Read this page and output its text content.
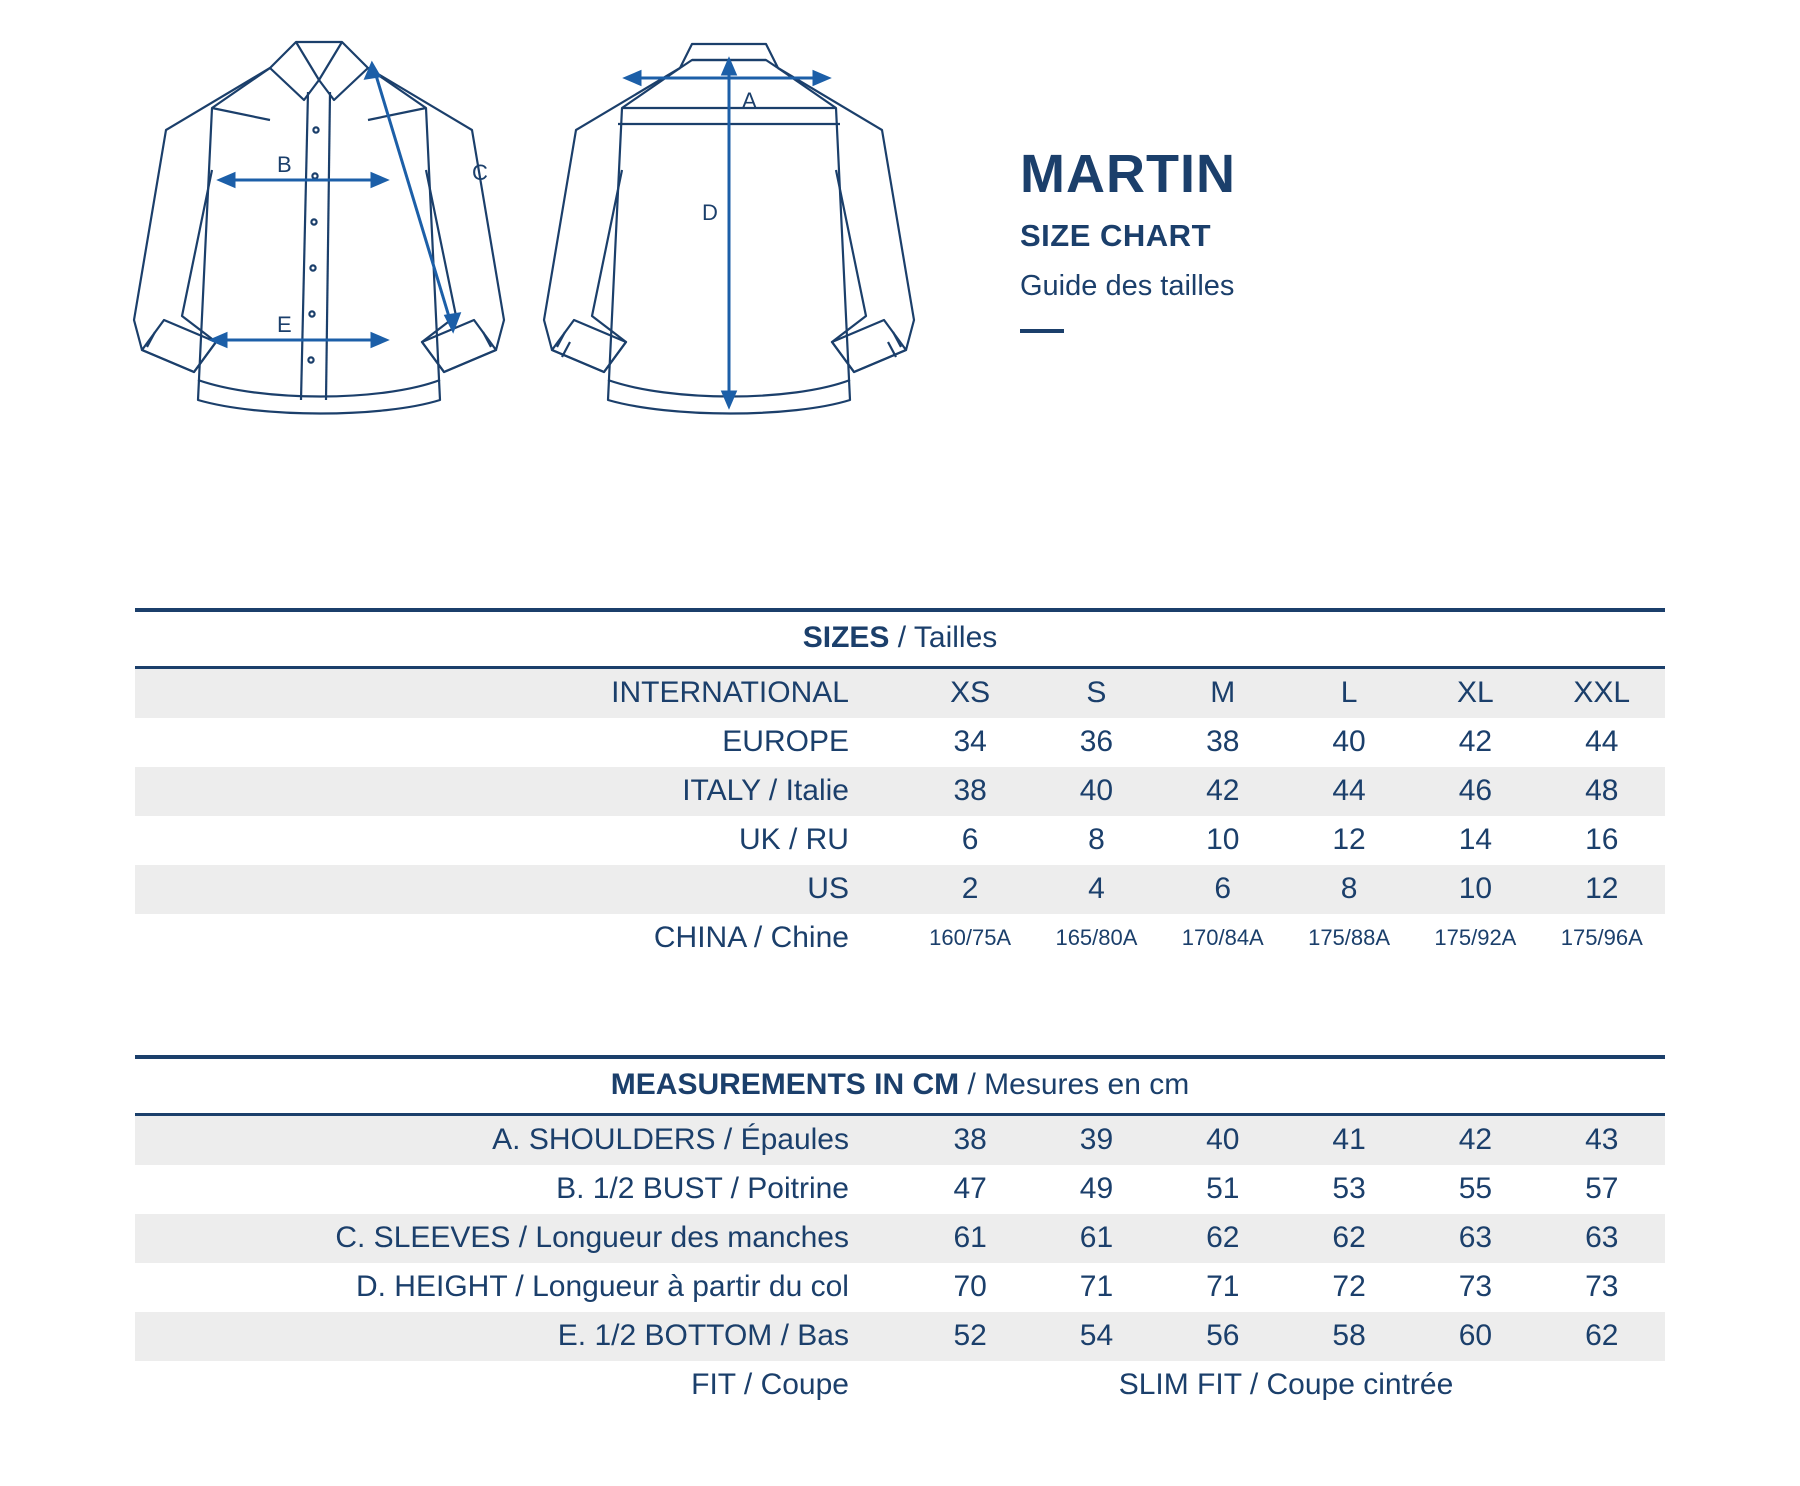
B
E
C
A
D
MARTIN
SIZE CHART
Guide des tailles
SIZES / Tailles						
INTERNATIONAL	XS	S	M	L	XL	XXL
EUROPE	34	36	38	40	42	44
ITALY / Italie	38	40	42	44	46	48
UK / RU	6	8	10	12	14	16
US	2	4	6	8	10	12
CHINA / Chine	160/75A	165/80A	170/84A	175/88A	175/92A	175/96A
MEASUREMENTS IN CM / Mesures en cm						
A. SHOULDERS / Épaules	38	39	40	41	42	43
B. 1/2 BUST / Poitrine	47	49	51	53	55	57
C. SLEEVES / Longueur des manches	61	61	62	62	63	63
D. HEIGHT / Longueur à partir du col	70	71	71	72	73	73
E. 1/2 BOTTOM / Bas	52	54	56	58	60	62
FIT / Coupe	SLIM FIT / Coupe cintrée					
